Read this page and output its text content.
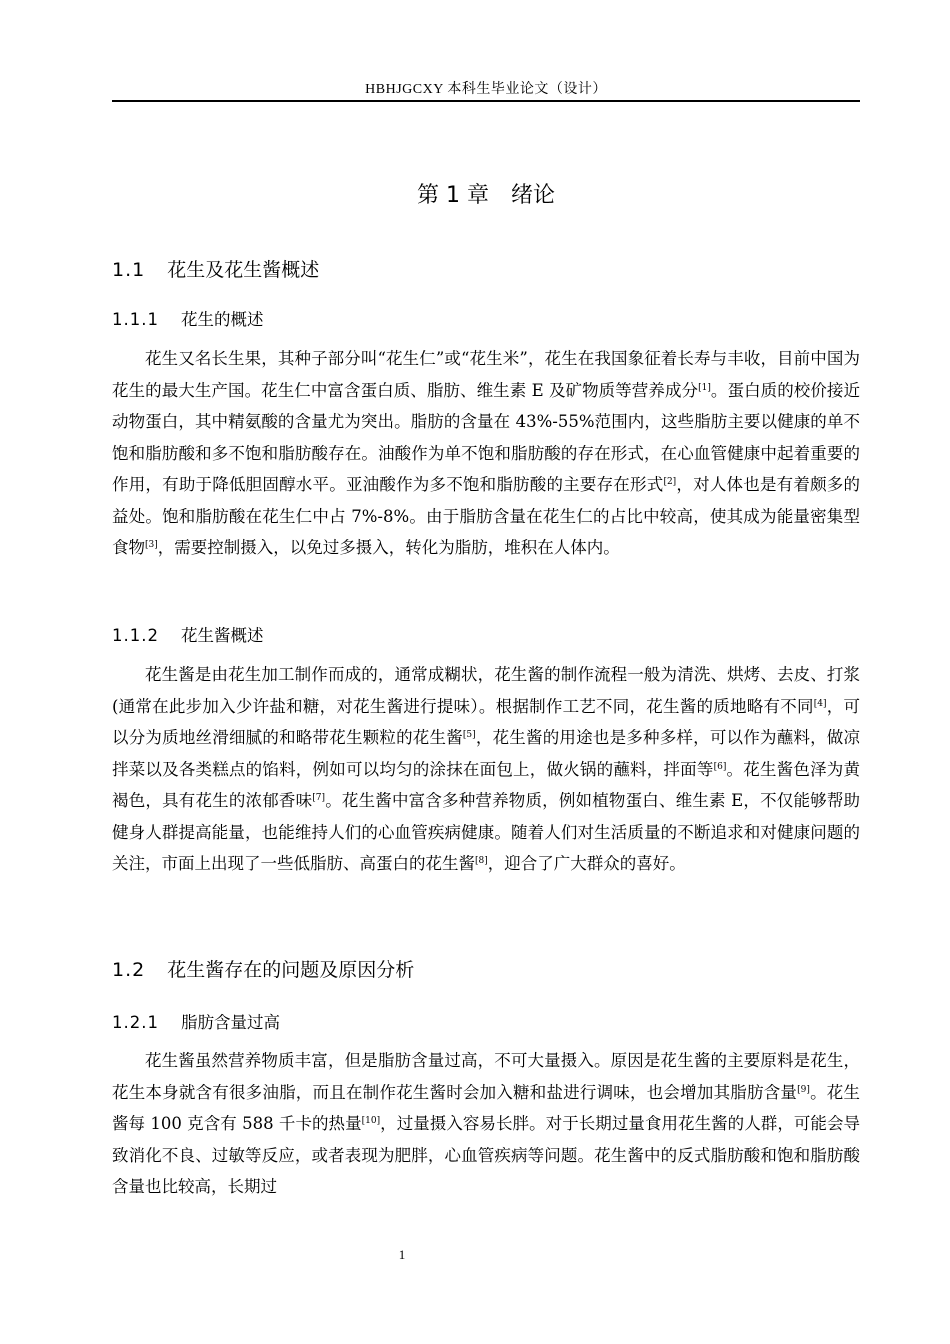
HBHJGCXY 本科生毕业论文（设计）
第 1 章　绪论
1.1 花生及花生酱概述
1.1.1 花生的概述

花生又名长生果，其种子部分叫“花生仁”或“花生米”，花生在我国象征着长寿与丰收，目前中国为花生的最大生产国。花生仁中富含蛋白质、脂肪、维生素 E 及矿物质等营养成分[1]。蛋白质的校价接近动物蛋白，其中精氨酸的含量尤为突出。脂肪的含量在 43%-55%范围内，这些脂肪主要以健康的单不饱和脂肪酸和多不饱和脂肪酸存在。油酸作为单不饱和脂肪酸的存在形式，在心血管健康中起着重要的作用，有助于降低胆固醇水平。亚油酸作为多不饱和脂肪酸的主要存在形式[2]，对人体也是有着颇多的益处。饱和脂肪酸在花生仁中占 7%-8%。由于脂肪含量在花生仁的占比中较高，使其成为能量密集型食物[3]，需要控制摄入，以免过多摄入，转化为脂肪，堆积在人体内。

1.1.2 花生酱概述

花生酱是由花生加工制作而成的，通常成糊状，花生酱的制作流程一般为清洗、烘烤、去皮、打浆(通常在此步加入少许盐和糖，对花生酱进行提味）。根据制作工艺不同，花生酱的质地略有不同[4]，可以分为质地丝滑细腻的和略带花生颗粒的花生酱[5]，花生酱的用途也是多种多样，可以作为蘸料，做凉拌菜以及各类糕点的馅料，例如可以均匀的涂抹在面包上，做火锅的蘸料，拌面等[6]。花生酱色泽为黄褐色，具有花生的浓郁香味[7]。花生酱中富含多种营养物质，例如植物蛋白、维生素 E，不仅能够帮助健身人群提高能量，也能维持人们的心血管疾病健康。随着人们对生活质量的不断追求和对健康问题的关注，市面上出现了一些低脂肪、高蛋白的花生酱[8]，迎合了广大群众的喜好。

1.2 花生酱存在的问题及原因分析
1.2.1 脂肪含量过高

花生酱虽然营养物质丰富，但是脂肪含量过高，不可大量摄入。原因是花生酱的主要原料是花生，花生本身就含有很多油脂，而且在制作花生酱时会加入糖和盐进行调味，也会增加其脂肪含量[9]。花生酱每 100 克含有 588 千卡的热量[10]，过量摄入容易长胖。对于长期过量食用花生酱的人群，可能会导致消化不良、过敏等反应，或者表现为肥胖，心血管疾病等问题。花生酱中的反式脂肪酸和饱和脂肪酸含量也比较高，长期过

1
